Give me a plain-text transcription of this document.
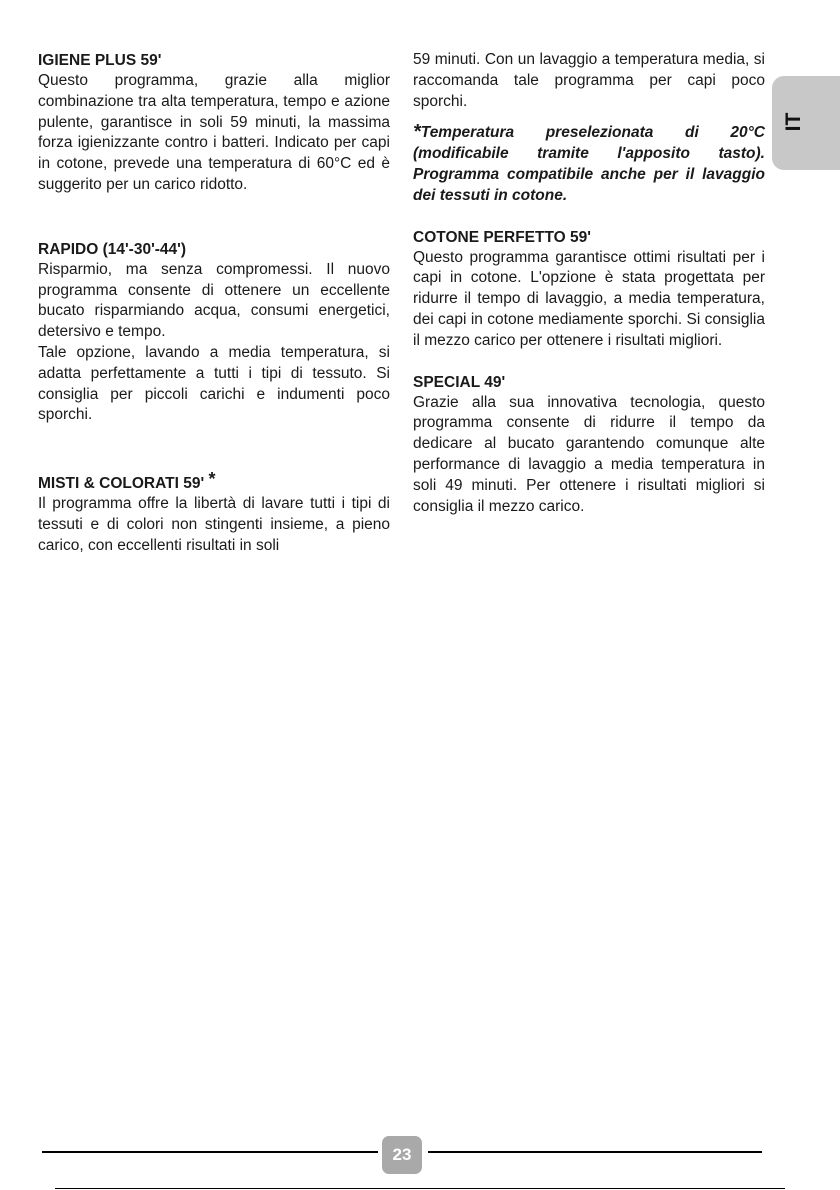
IT
IGIENE PLUS 59'

Questo programma, grazie alla miglior combinazione tra alta temperatura, tempo e azione pulente, garantisce in soli 59 minuti, la massima forza igienizzante contro i batteri. Indicato per capi in cotone, prevede una temperatura di 60°C ed è suggerito per un carico ridotto.

RAPIDO (14'-30'-44')

Risparmio, ma senza compromessi. Il nuovo programma consente di ottenere un eccellente bucato risparmiando acqua, consumi energetici, detersivo e tempo.

Tale opzione, lavando a media temperatura, si adatta perfettamente a tutti i tipi di tessuto. Si consiglia per piccoli carichi e indumenti poco sporchi.

MISTI & COLORATI 59' *

Il programma offre la libertà di lavare tutti i tipi di tessuti e di colori non stingenti insieme, a pieno carico, con eccellenti risultati in soli

59 minuti. Con un lavaggio a temperatura media, si raccomanda tale programma per capi poco sporchi.

*Temperatura preselezionata di 20°C (modificabile tramite l'apposito tasto). Programma compatibile anche per il lavaggio dei tessuti in cotone.

COTONE PERFETTO 59'

Questo programma garantisce ottimi risultati per i capi in cotone. L'opzione è stata progettata per ridurre il tempo di lavaggio, a media temperatura, dei capi in cotone mediamente sporchi. Si consiglia il mezzo carico per ottenere i risultati migliori.

SPECIAL 49'

Grazie alla sua innovativa tecnologia, questo programma consente di ridurre il tempo da dedicare al bucato garantendo comunque alte performance di lavaggio a media temperatura in soli 49 minuti. Per ottenere i risultati migliori si consiglia il mezzo carico.

23
